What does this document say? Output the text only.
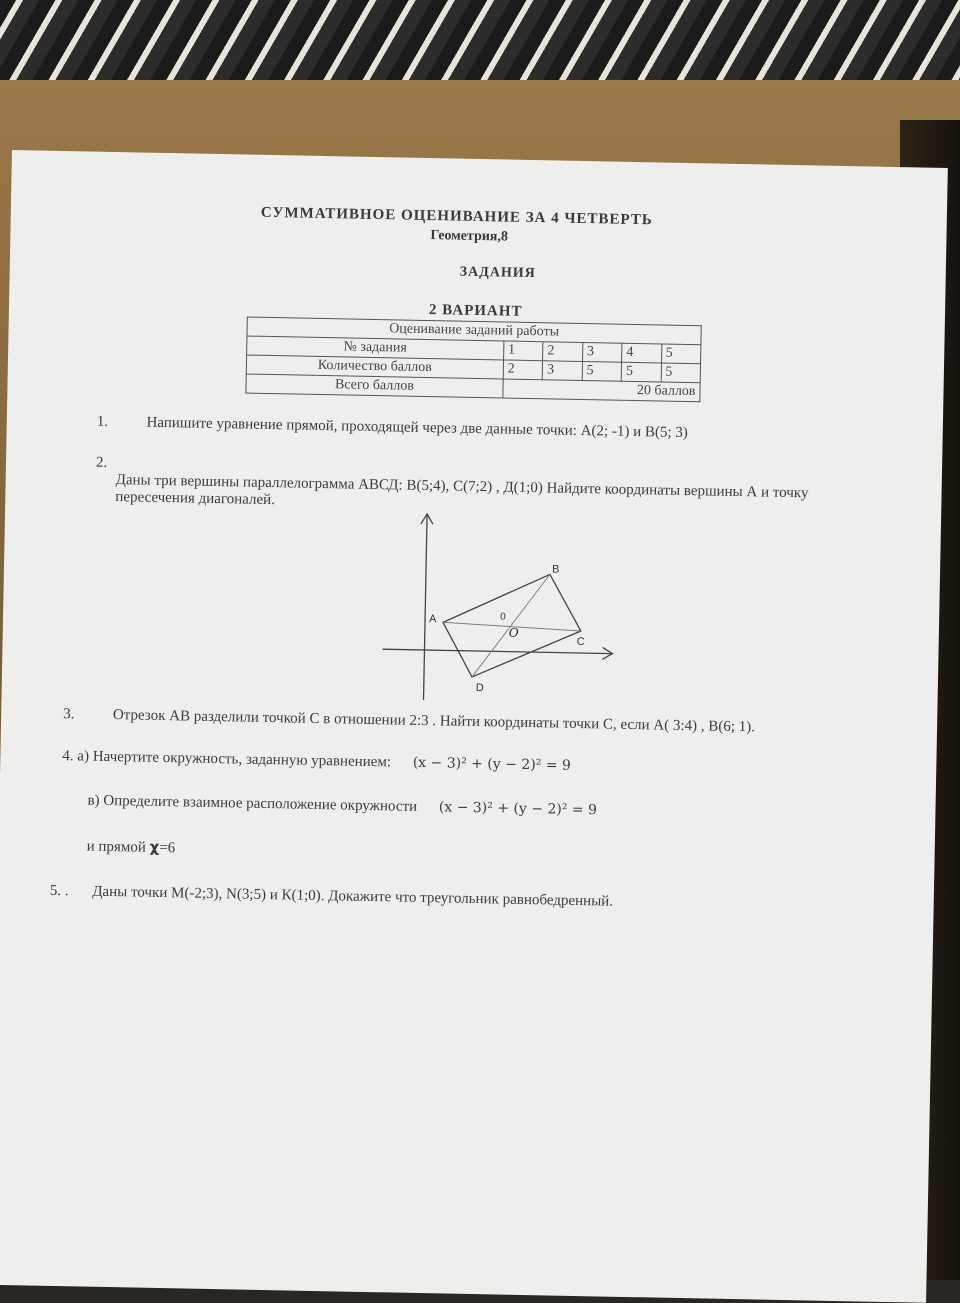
СУММАТИВНОЕ ОЦЕНИВАНИЕ ЗА 4 ЧЕТВЕРТЬ
Геометрия,8
ЗАДАНИЯ
2 ВАРИАНТ
Оценивание заданий работы					
№ задания	1	2	3	4	5
Количество баллов	2	3	5	5	5
Всего баллов	20 баллов				
1.	Напишите уравнение прямой, проходящей через две данные точки: A(2; -1) и B(5; 3)
2. Даны три вершины параллелограмма АВСД: В(5;4), С(7;2) , Д(1;0) Найдите координаты вершины А и точку пересечения диагоналей.
A
B
C
D
0
O
3.	Отрезок АВ разделили точкой С в отношении 2:3 . Найти координаты точки С, если А( 3:4) , В(6; 1).
4. а) Начертите окружность, заданную уравнением: (x − 3)² + (y − 2)² = 9
в) Определите взаимное расположение окружности (x − 3)² + (y − 2)² = 9
и прямой χ=6
5. . Даны точки М(-2;3), N(3;5) и К(1;0). Докажите что треугольник равнобедренный.
